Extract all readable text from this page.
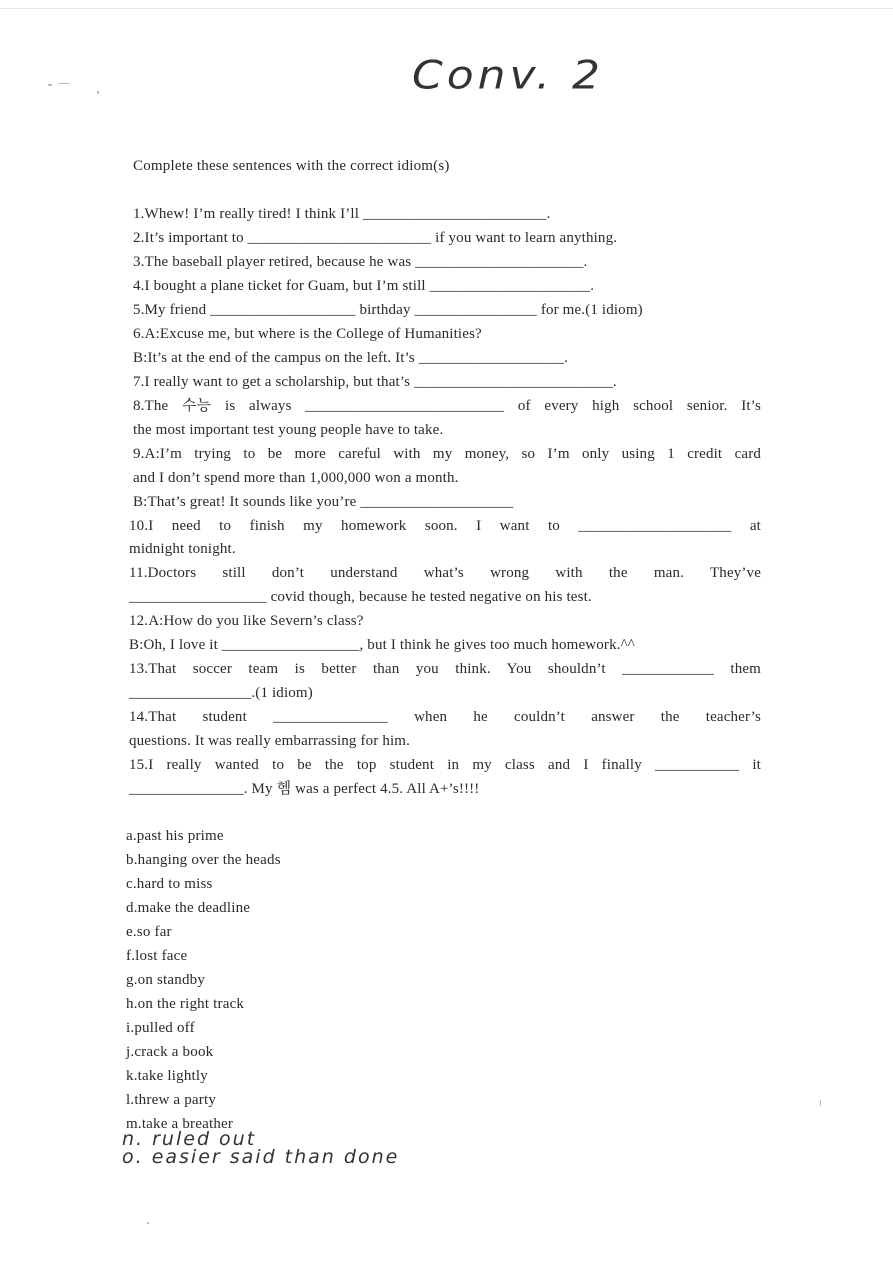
Conv. 2
Complete these sentences with the correct idiom(s)
1.Whew! I’m really tired! I think I’ll ________________________.
2.It’s important to ________________________ if you want to learn anything.
3.The baseball player retired, because he was ______________________.
4.I bought a plane ticket for Guam, but I’m still _____________________.
5.My friend ___________________ birthday ________________ for me.(1 idiom)
6.A:Excuse me, but where is the College of Humanities?
B:It’s at the end of the campus on the left. It’s ___________________.
7.I really want to get a scholarship, but that’s __________________________.
8.The 수능 is always __________________________ of every high school senior. It’s
the most important test young people have to take.
9.A:I’m trying to be more careful with my money, so I’m only using 1 credit card
and I don’t spend more than 1,000,000 won a month.
B:That’s great! It sounds like you’re ____________________
10.I need to finish my homework soon. I want to ____________________ at
midnight tonight.
11.Doctors still don’t understand what’s wrong with the man. They’ve
__________________ covid though, because he tested negative on his test.
12.A:How do you like Severn’s class?
B:Oh, I love it __________________, but I think he gives too much homework.^^
13.That soccer team is better than you think. You shouldn’t ____________ them
________________.(1 idiom)
14.That student _______________ when he couldn’t answer the teacher’s
questions. It was really embarrassing for him.
15.I really wanted to be the top student in my class and I finally ___________ it
_______________. My 헴 was a perfect 4.5. All A+’s!!!!
a.past his prime
b.hanging over the heads
c.hard to miss
d.make the deadline
e.so far
f.lost face
g.on standby
h.on the right track
i.pulled off
j.crack a book
k.take lightly
l.threw a party
m.take a breather
n. ruled out
o. easier said than done
